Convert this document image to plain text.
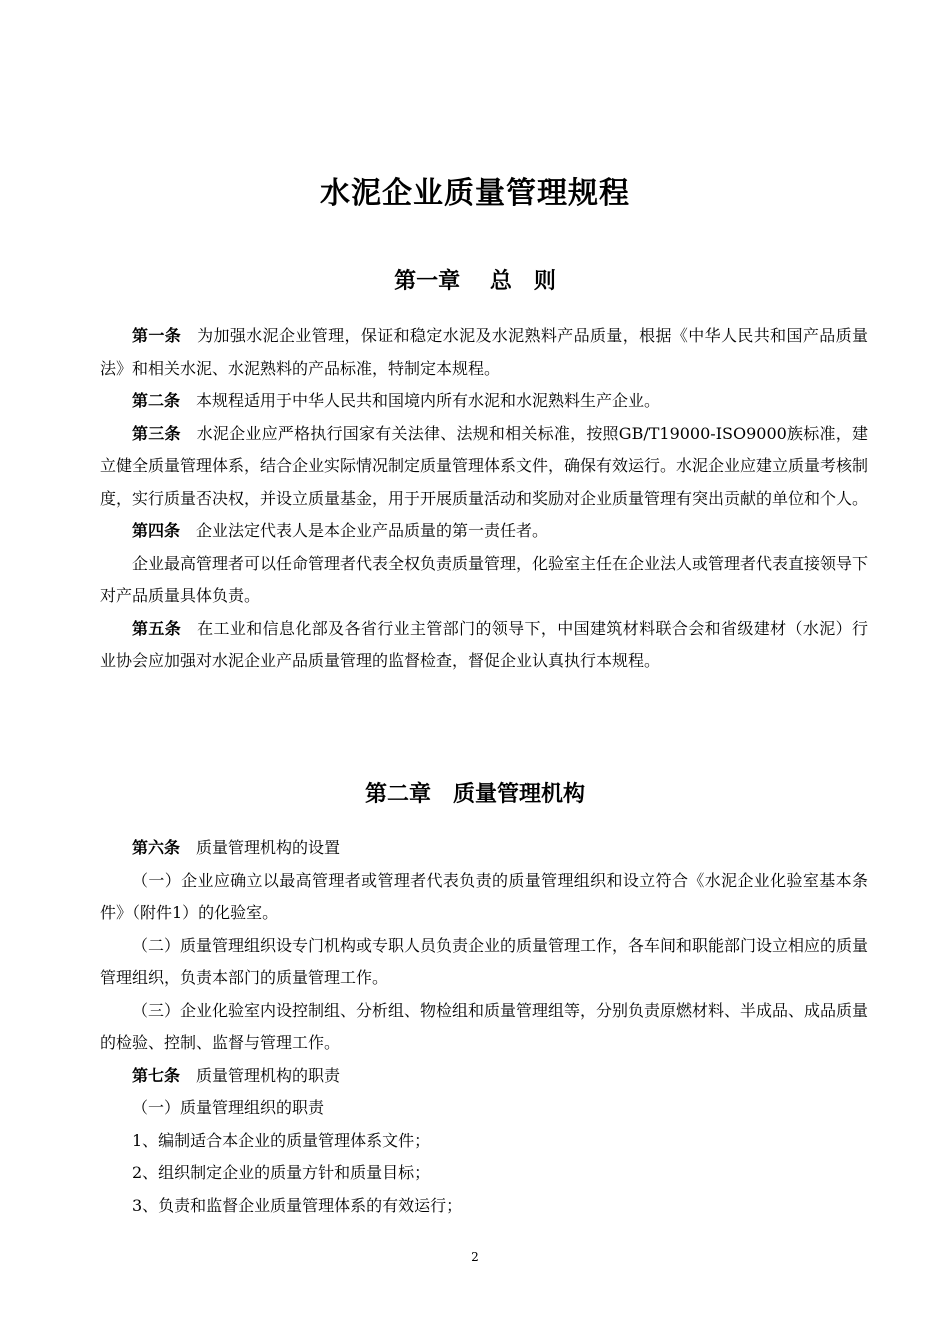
水泥企业质量管理规程
第一章　 总　则

第一条 为加强水泥企业管理，保证和稳定水泥及水泥熟料产品质量，根据《中华人民共和国产品质量法》和相关水泥、水泥熟料的产品标准，特制定本规程。

第二条 本规程适用于中华人民共和国境内所有水泥和水泥熟料生产企业。

第三条 水泥企业应严格执行国家有关法律、法规和相关标准，按照GB/T19000-ISO9000族标准，建立健全质量管理体系，结合企业实际情况制定质量管理体系文件，确保有效运行。水泥企业应建立质量考核制度，实行质量否决权，并设立质量基金，用于开展质量活动和奖励对企业质量管理有突出贡献的单位和个人。

第四条 企业法定代表人是本企业产品质量的第一责任者。

企业最高管理者可以任命管理者代表全权负责质量管理，化验室主任在企业法人或管理者代表直接领导下对产品质量具体负责。

第五条 在工业和信息化部及各省行业主管部门的领导下，中国建筑材料联合会和省级建材（水泥）行业协会应加强对水泥企业产品质量管理的监督检查，督促企业认真执行本规程。

第二章　质量管理机构

第六条 质量管理机构的设置

（一）企业应确立以最高管理者或管理者代表负责的质量管理组织和设立符合《水泥企业化验室基本条件》（附件1）的化验室。

（二）质量管理组织设专门机构或专职人员负责企业的质量管理工作，各车间和职能部门设立相应的质量管理组织，负责本部门的质量管理工作。

（三）企业化验室内设控制组、分析组、物检组和质量管理组等，分别负责原燃材料、半成品、成品质量的检验、控制、监督与管理工作。

第七条 质量管理机构的职责

（一）质量管理组织的职责

1、编制适合本企业的质量管理体系文件；

2、组织制定企业的质量方针和质量目标；

3、负责和监督企业质量管理体系的有效运行；

2
